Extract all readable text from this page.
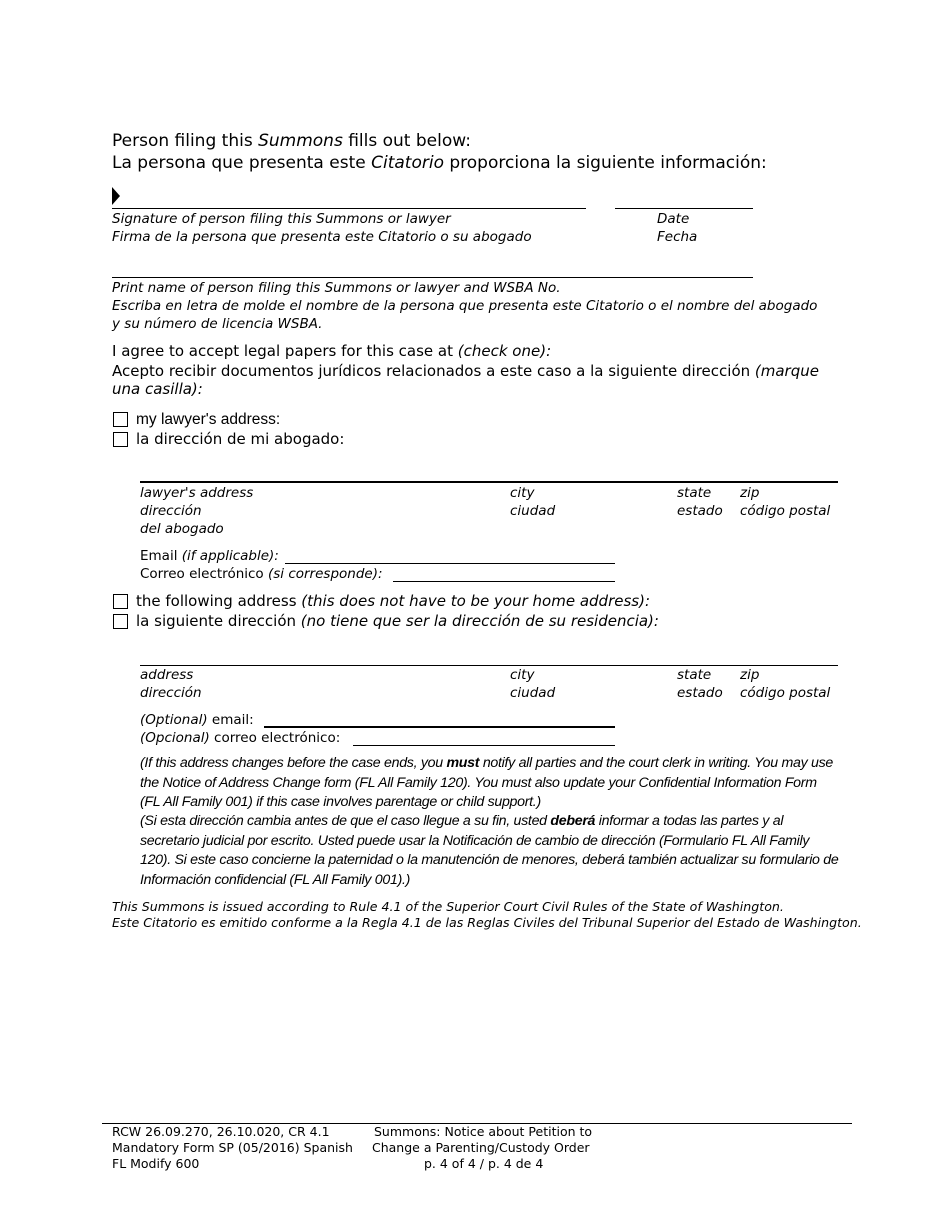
Person filing this Summons fills out below:
La persona que presenta este Citatorio proporciona la siguiente información:
Signature of person filing this Summons or lawyer
Firma de la persona que presenta este Citatorio o su abogado
Date
Fecha
Print name of person filing this Summons or lawyer and WSBA No.
Escriba en letra de molde el nombre de la persona que presenta este Citatorio o el nombre del abogado
y su número de licencia WSBA.
I agree to accept legal papers for this case at (check one):
Acepto recibir documentos jurídicos relacionados a este caso a la siguiente dirección (marque
una casilla):
my lawyer's address:
la dirección de mi abogado:
lawyer's address
dirección
del abogado
city
ciudad
state
estado
zip
código postal
Email (if applicable):
Correo electrónico (si corresponde):
the following address (this does not have to be your home address):
la siguiente dirección (no tiene que ser la dirección de su residencia):
address
dirección
city
ciudad
state
estado
zip
código postal
(Optional) email:
(Opcional) correo electrónico:
(If this address changes before the case ends, you must notify all parties and the court clerk in writing. You may use the Notice of Address Change form (FL All Family 120). You must also update your Confidential Information Form (FL All Family 001) if this case involves parentage or child support.)
(Si esta dirección cambia antes de que el caso llegue a su fin, usted deberá informar a todas las partes y al secretario judicial por escrito. Usted puede usar la Notificación de cambio de dirección (Formulario FL All Family 120). Si este caso concierne la paternidad o la manutención de menores, deberá también actualizar su formulario de Información confidencial (FL All Family 001).)
This Summons is issued according to Rule 4.1 of the Superior Court Civil Rules of the State of Washington.
Este Citatorio es emitido conforme a la Regla 4.1 de las Reglas Civiles del Tribunal Superior del Estado de Washington.
RCW 26.09.270, 26.10.020, CR 4.1
Mandatory Form SP (05/2016) Spanish
FL Modify 600
Summons: Notice about Petition to
Change a Parenting/Custody Order
p. 4 of 4 / p. 4 de 4
